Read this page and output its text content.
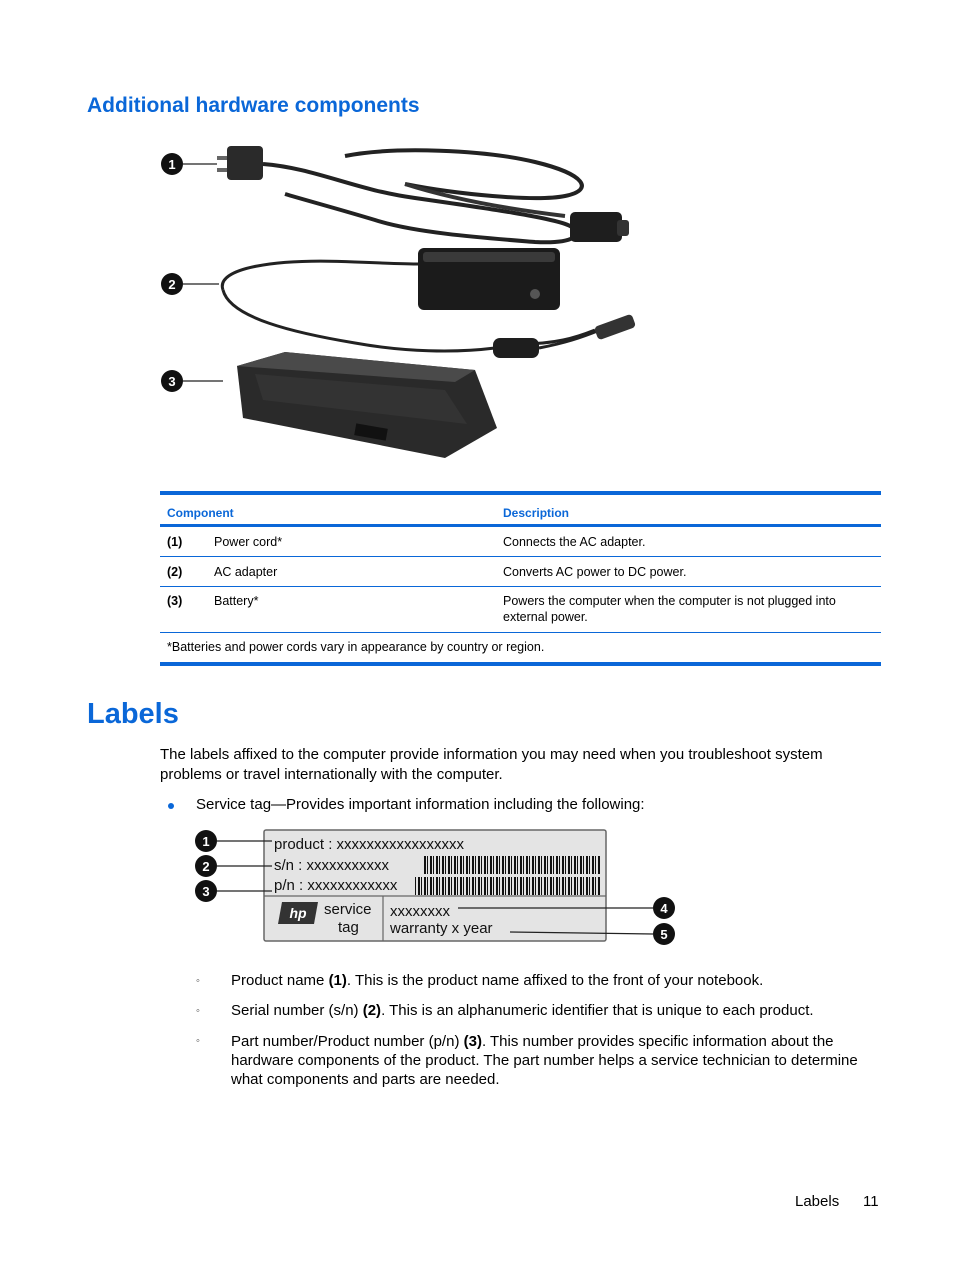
Additional hardware components
1
2
3
Component	Description
(1)	Power cord*	Connects the AC adapter.
(2)	AC adapter	Converts AC power to DC power.
(3)	Battery*	Powers the computer when the computer is not plugged into external power.
*Batteries and power cords vary in appearance by country or region.
Labels

The labels affixed to the computer provide information you may need when you troubleshoot system problems or travel internationally with the computer.

Service tag—Provides important information including the following:
product : xxxxxxxxxxxxxxxxx
s/n : xxxxxxxxxxx
p/n : xxxxxxxxxxxx
service
tag
xxxxxxxx
warranty x year
hp
1
2
3
4
5
◦ Product name (1). This is the product name affixed to the front of your notebook.
◦ Serial number (s/n) (2). This is an alphanumeric identifier that is unique to each product.
◦ Part number/Product number (p/n) (3). This number provides specific information about the hardware components of the product. The part number helps a service technician to determine what components and parts are needed.
Labels 11
